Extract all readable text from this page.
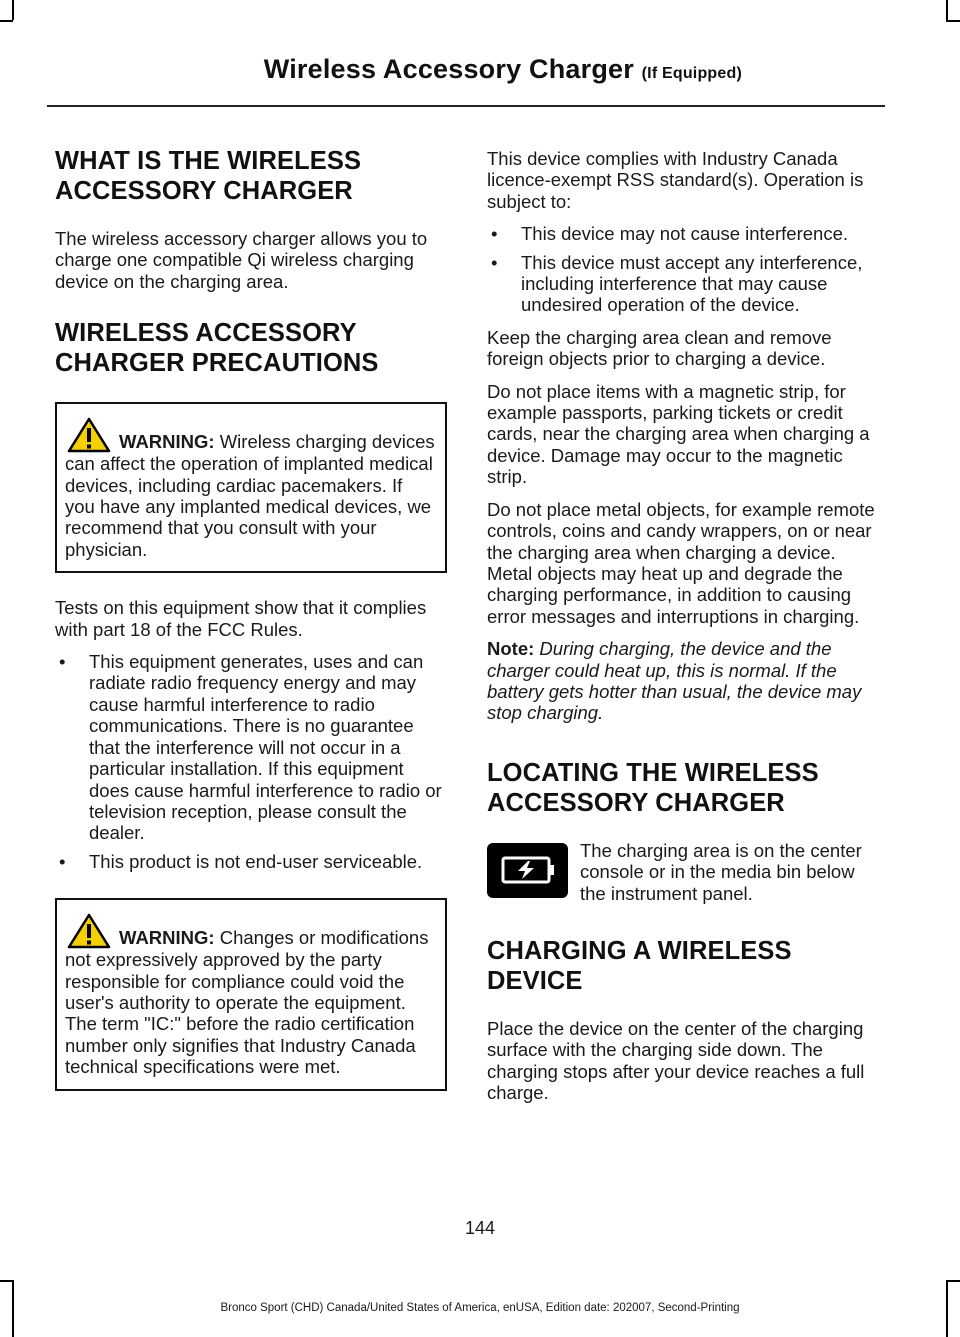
Wireless Accessory Charger (If Equipped)
WHAT IS THE WIRELESS ACCESSORY CHARGER

The wireless accessory charger allows you to charge one compatible Qi wireless charging device on the charging area.

WIRELESS ACCESSORY CHARGER PRECAUTIONS

WARNING: Wireless charging devices can affect the operation of implanted medical devices, including cardiac pacemakers. If you have any implanted medical devices, we recommend that you consult with your physician.

Tests on this equipment show that it complies with part 18 of the FCC Rules.

• This equipment generates, uses and can radiate radio frequency energy and may cause harmful interference to radio communications. There is no guarantee that the interference will not occur in a particular installation. If this equipment does cause harmful interference to radio or television reception, please consult the dealer.
• This product is not end-user serviceable.

WARNING: Changes or modifications not expressively approved by the party responsible for compliance could void the user's authority to operate the equipment. The term "IC:" before the radio certification number only signifies that Industry Canada technical specifications were met.

This device complies with Industry Canada licence-exempt RSS standard(s). Operation is subject to:

• This device may not cause interference.
• This device must accept any interference, including interference that may cause undesired operation of the device.

Keep the charging area clean and remove foreign objects prior to charging a device.

Do not place items with a magnetic strip, for example passports, parking tickets or credit cards, near the charging area when charging a device. Damage may occur to the magnetic strip.

Do not place metal objects, for example remote controls, coins and candy wrappers, on or near the charging area when charging a device. Metal objects may heat up and degrade the charging performance, in addition to causing error messages and interruptions in charging.

Note: During charging, the device and the charger could heat up, this is normal. If the battery gets hotter than usual, the device may stop charging.

LOCATING THE WIRELESS ACCESSORY CHARGER

The charging area is on the center console or in the media bin below the instrument panel.

CHARGING A WIRELESS DEVICE

Place the device on the center of the charging surface with the charging side down. The charging stops after your device reaches a full charge.

144
Bronco Sport (CHD) Canada/United States of America, enUSA, Edition date: 202007, Second-Printing
